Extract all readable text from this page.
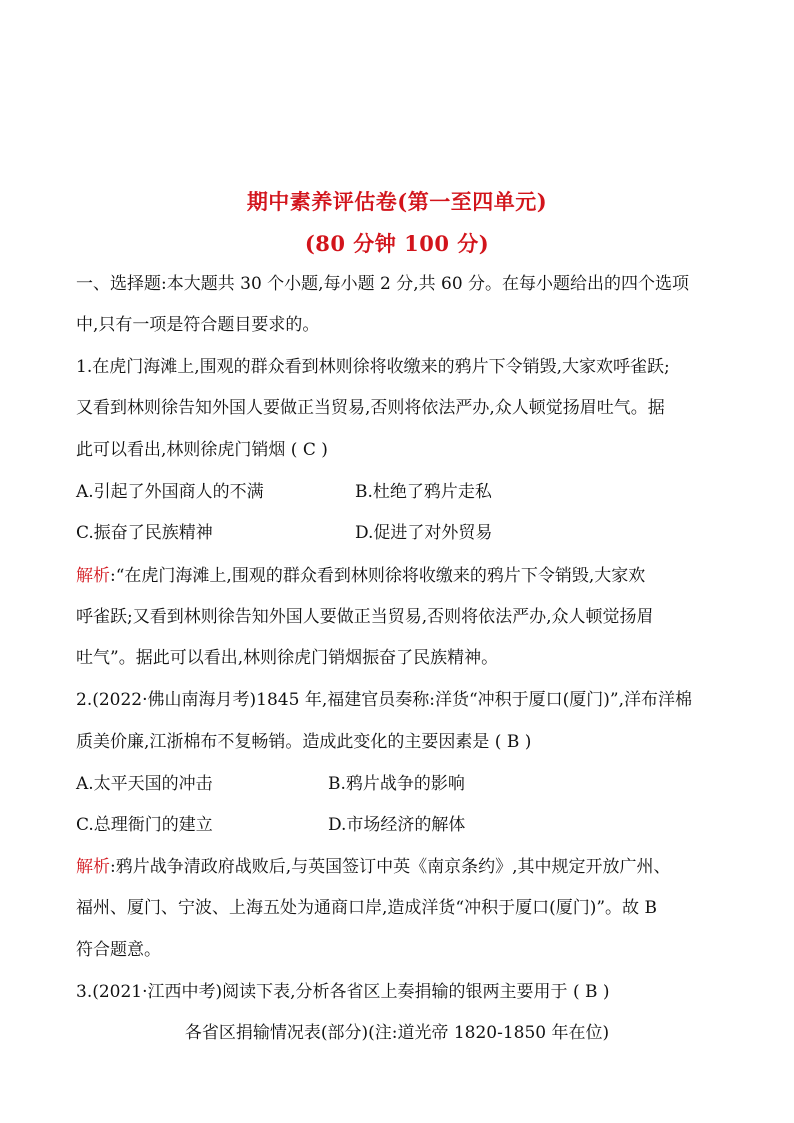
期中素养评估卷(第一至四单元)
(80 分钟 100 分)
一、选择题:本大题共 30 个小题,每小题 2 分,共 60 分。在每小题给出的四个选项
中,只有一项是符合题目要求的。
1.在虎门海滩上,围观的群众看到林则徐将收缴来的鸦片下令销毁,大家欢呼雀跃;
又看到林则徐告知外国人要做正当贸易,否则将依法严办,众人顿觉扬眉吐气。据
此可以看出,林则徐虎门销烟 ( C )
A.引起了外国商人的不满	B.杜绝了鸦片走私
C.振奋了民族精神	D.促进了对外贸易
解析:“在虎门海滩上,围观的群众看到林则徐将收缴来的鸦片下令销毁,大家欢
呼雀跃;又看到林则徐告知外国人要做正当贸易,否则将依法严办,众人顿觉扬眉
吐气”。据此可以看出,林则徐虎门销烟振奋了民族精神。
2.(2022·佛山南海月考)1845 年,福建官员奏称:洋货“冲积于厦口(厦门)”,洋布洋棉
质美价廉,江浙棉布不复畅销。造成此变化的主要因素是 ( B )
A.太平天国的冲击	B.鸦片战争的影响
C.总理衙门的建立	D.市场经济的解体
解析:鸦片战争清政府战败后,与英国签订中英《南京条约》,其中规定开放广州、
福州、厦门、宁波、上海五处为通商口岸,造成洋货“冲积于厦口(厦门)”。故 B
符合题意。
3.(2021·江西中考)阅读下表,分析各省区上奏捐输的银两主要用于 ( B )
各省区捐输情况表(部分)(注:道光帝 1820-1850 年在位)
